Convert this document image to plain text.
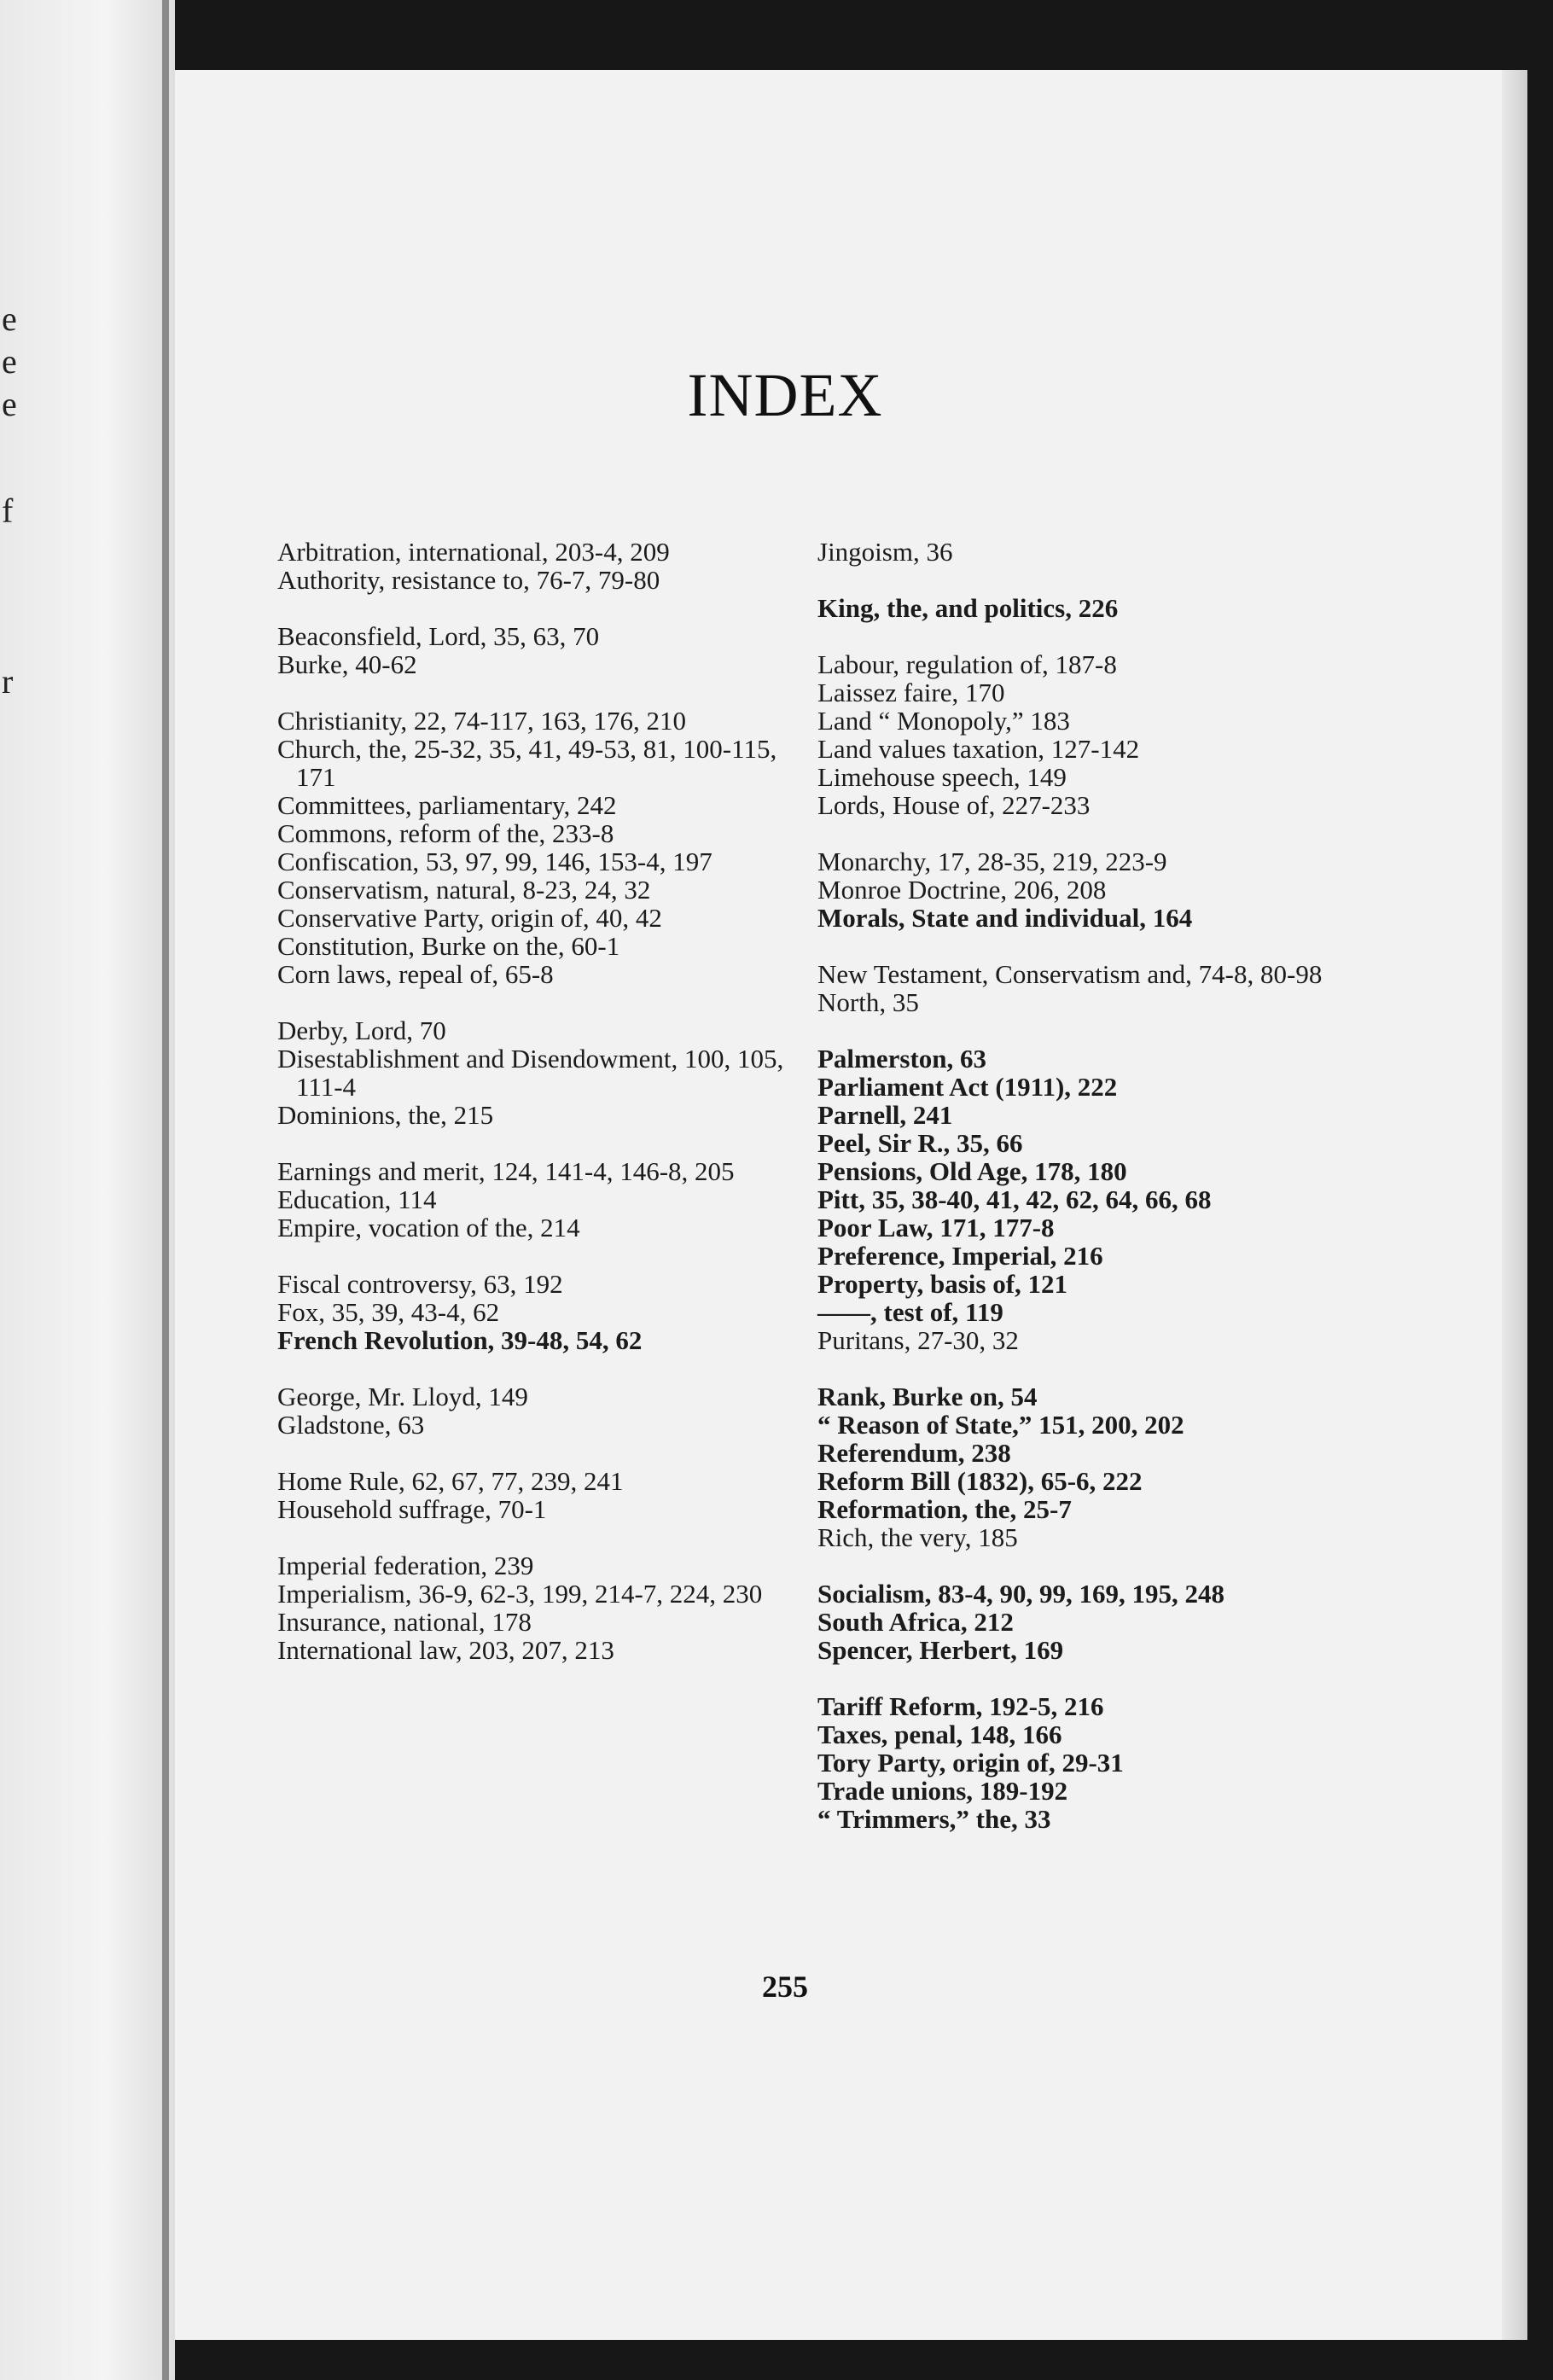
e
e
e
f
r
INDEX
Arbitration, international, 203-4, 209
Authority, resistance to, 76-7, 79-80
Beaconsfield, Lord, 35, 63, 70
Burke, 40-62
Christianity, 22, 74-117, 163, 176, 210
Church, the, 25-32, 35, 41, 49-53, 81, 100-115, 171
Committees, parliamentary, 242
Commons, reform of the, 233-8
Confiscation, 53, 97, 99, 146, 153-4, 197
Conservatism, natural, 8-23, 24, 32
Conservative Party, origin of, 40, 42
Constitution, Burke on the, 60-1
Corn laws, repeal of, 65-8
Derby, Lord, 70
Disestablishment and Disendowment, 100, 105, 111-4
Dominions, the, 215
Earnings and merit, 124, 141-4, 146-8, 205
Education, 114
Empire, vocation of the, 214
Fiscal controversy, 63, 192
Fox, 35, 39, 43-4, 62
French Revolution, 39-48, 54, 62
George, Mr. Lloyd, 149
Gladstone, 63
Home Rule, 62, 67, 77, 239, 241
Household suffrage, 70-1
Imperial federation, 239
Imperialism, 36-9, 62-3, 199, 214-7, 224, 230
Insurance, national, 178
International law, 203, 207, 213
Jingoism, 36
King, the, and politics, 226
Labour, regulation of, 187-8
Laissez faire, 170
Land “ Monopoly,” 183
Land values taxation, 127-142
Limehouse speech, 149
Lords, House of, 227-233
Monarchy, 17, 28-35, 219, 223-9
Monroe Doctrine, 206, 208
Morals, State and individual, 164
New Testament, Conservatism and, 74-8, 80-98
North, 35
Palmerston, 63
Parliament Act (1911), 222
Parnell, 241
Peel, Sir R., 35, 66
Pensions, Old Age, 178, 180
Pitt, 35, 38-40, 41, 42, 62, 64, 66, 68
Poor Law, 171, 177-8
Preference, Imperial, 216
Property, basis of, 121
——, test of, 119
Puritans, 27-30, 32
Rank, Burke on, 54
“ Reason of State,” 151, 200, 202
Referendum, 238
Reform Bill (1832), 65-6, 222
Reformation, the, 25-7
Rich, the very, 185
Socialism, 83-4, 90, 99, 169, 195, 248
South Africa, 212
Spencer, Herbert, 169
Tariff Reform, 192-5, 216
Taxes, penal, 148, 166
Tory Party, origin of, 29-31
Trade unions, 189-192
“ Trimmers,” the, 33
255
